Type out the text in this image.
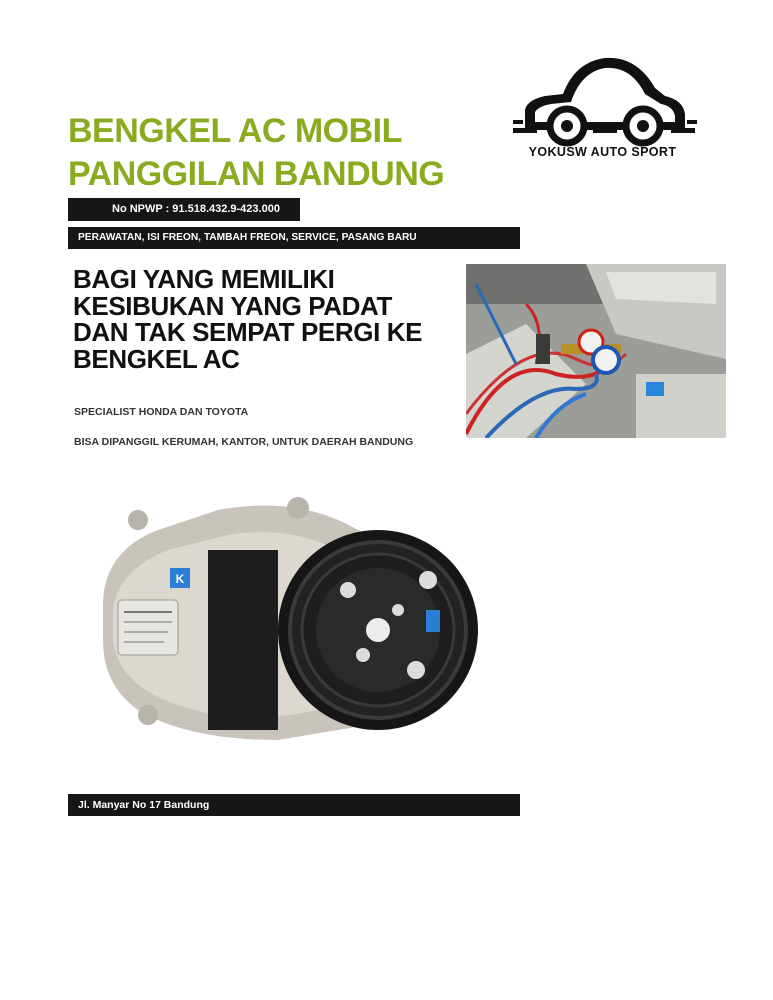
BENGKEL AC MOBIL
PANGGILAN BANDUNG
YOKUSW AUTO SPORT
No NPWP : 91.518.432.9-423.000
PERAWATAN, ISI FREON, TAMBAH FREON, SERVICE, PASANG BARU
BAGI YANG MEMILIKI
KESIBUKAN YANG PADAT
DAN TAK SEMPAT PERGI KE
BENGKEL AC
SPECIALIST HONDA DAN TOYOTA
BISA DIPANGGIL KERUMAH, KANTOR, UNTUK DAERAH BANDUNG
K
Jl. Manyar No 17 Bandung
